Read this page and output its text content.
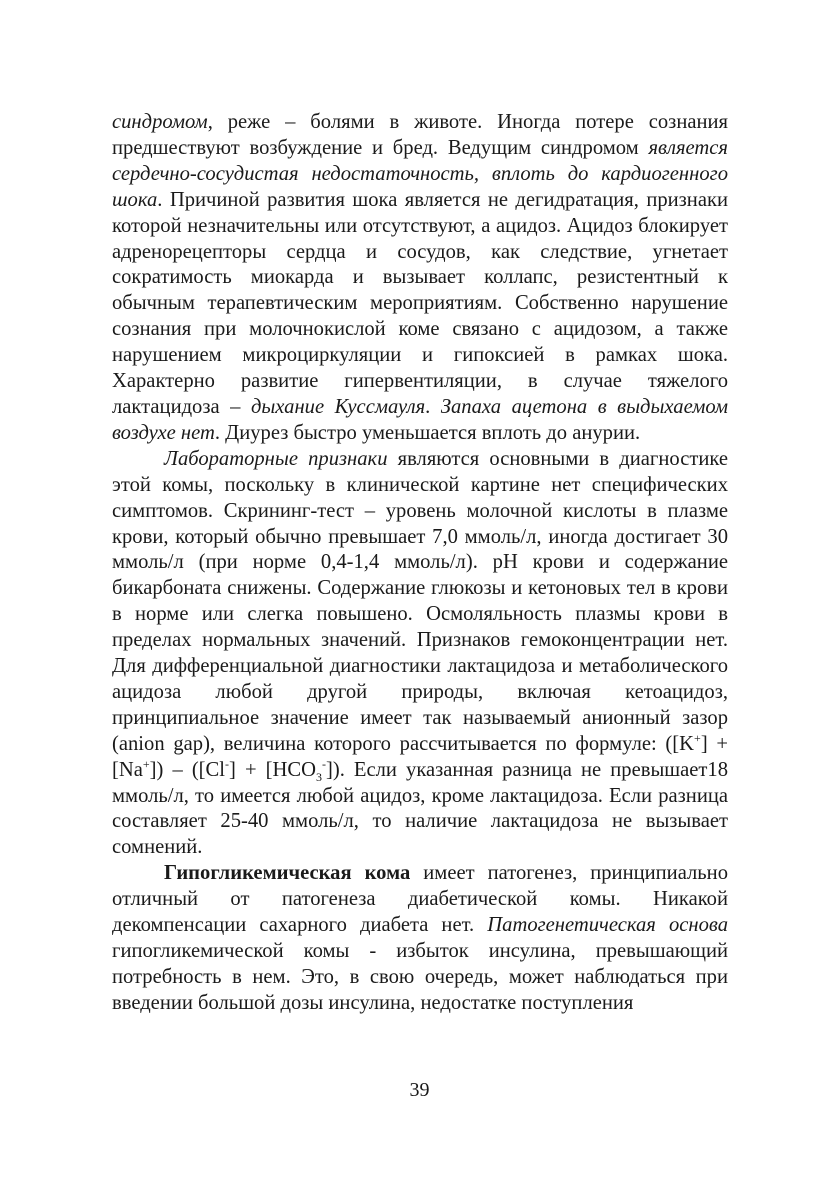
синдромом, реже – болями в животе. Иногда потере сознания предшествуют возбуждение и бред. Ведущим синдромом является сердечно-сосудистая недостаточность, вплоть до кардиогенного шока. Причиной развития шока является не дегидратация, признаки которой незначительны или отсутствуют, а ацидоз. Ацидоз блокирует адренорецепторы сердца и сосудов, как следствие, угнетает сократимость миокарда и вызывает коллапс, резистентный к обычным терапевтическим мероприятиям. Собственно нарушение сознания при молочнокислой коме связано с ацидозом, а также нарушением микроциркуляции и гипоксией в рамках шока. Характерно развитие гипервентиляции, в случае тяжелого лактацидоза – дыхание Куссмауля. Запаха ацетона в выдыхаемом воздухе нет. Диурез быстро уменьшается вплоть до анурии.

Лабораторные признаки являются основными в диагностике этой комы, поскольку в клинической картине нет специфических симптомов. Скрининг-тест – уровень молочной кислоты в плазме крови, который обычно превышает 7,0 ммоль/л, иногда достигает 30 ммоль/л (при норме 0,4-1,4 ммоль/л). pH крови и содержание бикарбоната снижены. Содержание глюкозы и кетоновых тел в крови в норме или слегка повышено. Осмоляльность плазмы крови в пределах нормальных значений. Признаков гемоконцентрации нет. Для дифференциальной диагностики лактацидоза и метаболического ацидоза любой другой природы, включая кетоацидоз, принципиальное значение имеет так называемый анионный зазор (anion gap), величина которого рассчитывается по формуле: $([K^+] + [Na^+]) - ([Cl^-] + [HCO_3^-])$. Если указанная разница не превышает18 ммоль/л, то имеется любой ацидоз, кроме лактацидоза. Если разница составляет 25-40 ммоль/л, то наличие лактацидоза не вызывает сомнений.

Гипогликемическая кома имеет патогенез, принципиально отличный от патогенеза диабетической комы. Никакой декомпенсации сахарного диабета нет. Патогенетическая основа гипогликемической комы - избыток инсулина, превышающий потребность в нем. Это, в свою очередь, может наблюдаться при введении большой дозы инсулина, недостатке поступления

39
